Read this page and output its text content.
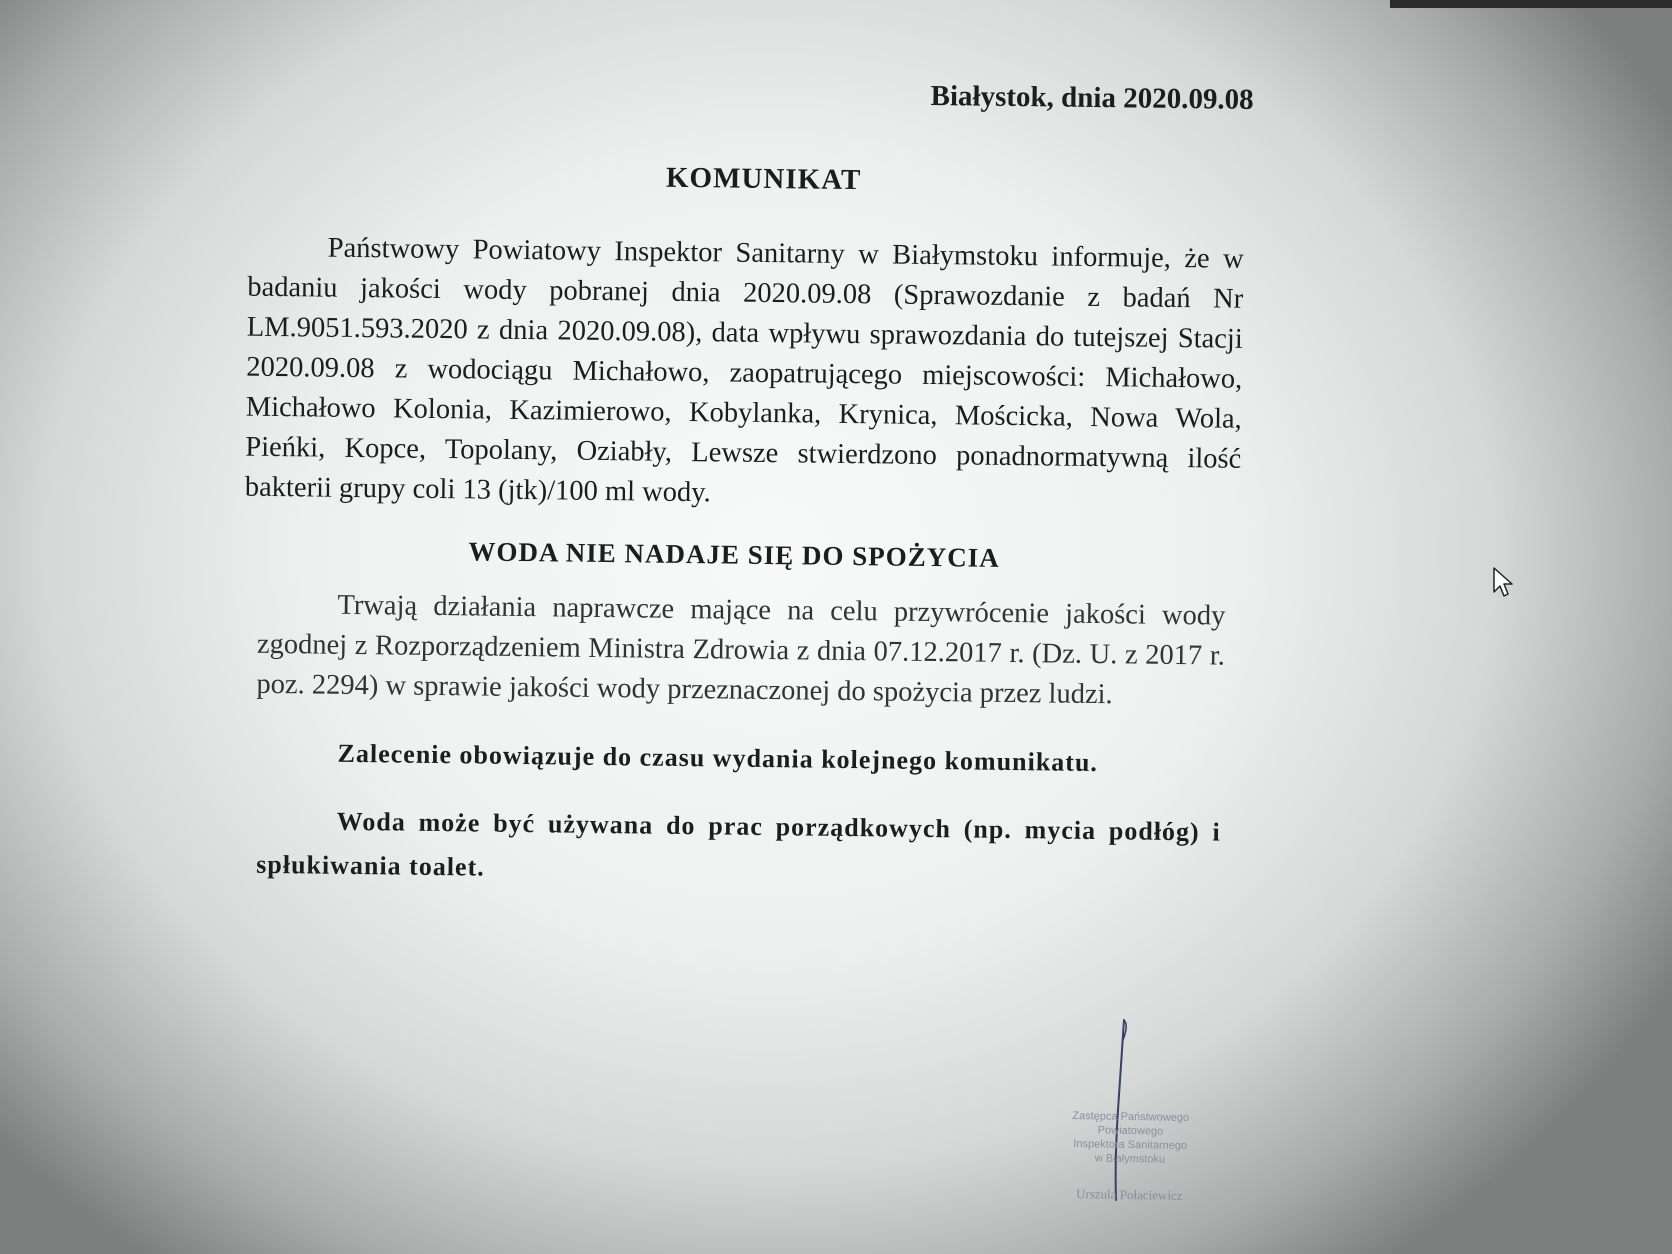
Białystok, dnia 2020.09.08
KOMUNIKAT

Państwowy Powiatowy Inspektor Sanitarny w Białymstoku informuje, że w badaniu jakości wody pobranej dnia 2020.09.08 (Sprawozdanie z badań Nr LM.9051.593.2020 z dnia 2020.09.08), data wpływu sprawozdania do tutejszej Stacji 2020.09.08 z wodociągu Michałowo, zaopatrującego miejscowości: Michałowo, Michałowo Kolonia, Kazimierowo, Kobylanka, Krynica, Mościcka, Nowa Wola, Pieńki, Kopce, Topolany, Oziabły, Lewsze stwierdzono ponadnormatywną ilość bakterii grupy coli 13 (jtk)/100 ml wody.

WODA NIE NADAJE SIĘ DO SPOŻYCIA

Trwają działania naprawcze mające na celu przywrócenie jakości wody zgodnej z Rozporządzeniem Ministra Zdrowia z dnia 07.12.2017 r. (Dz. U. z 2017 r. poz. 2294) w sprawie jakości wody przeznaczonej do spożycia przez ludzi.

Zalecenie obowiązuje do czasu wydania kolejnego komunikatu.

Woda może być używana do prac porządkowych (np. mycia podłóg) i spłukiwania toalet.

Zastępca Państwowego
Powiatowego
Inspektora Sanitarnego
w Białymstoku
Urszula Połaciewicz
